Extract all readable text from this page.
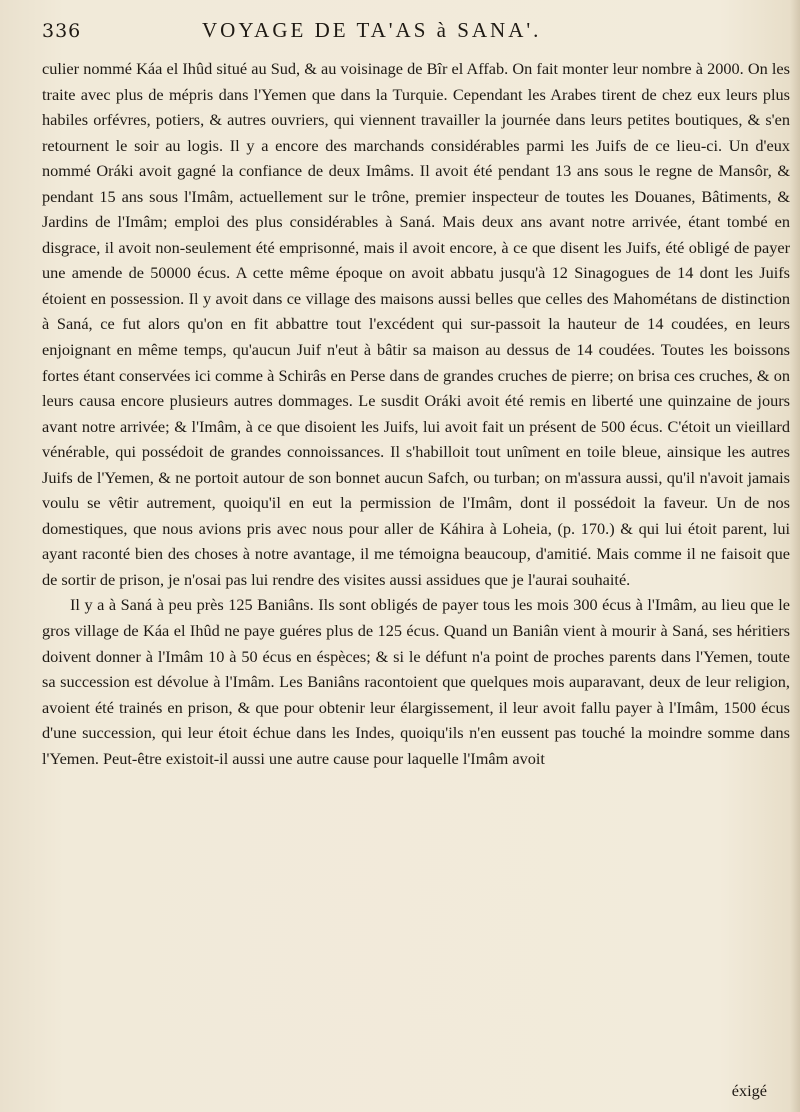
336	VOYAGE DE TA'AS à SANA'.

culier nommé Káa el Ihûd situé au Sud, & au voisinage de Bîr el Affab. On fait monter leur nombre à 2000. On les traite avec plus de mépris dans l'Yemen que dans la Turquie. Cependant les Arabes tirent de chez eux leurs plus habiles orfévres, potiers, & autres ouvriers, qui viennent travailler la journée dans leurs petites boutiques, & s'en retournent le soir au logis. Il y a encore des marchands considérables parmi les Juifs de ce lieu-ci. Un d'eux nommé Oráki avoit gagné la confiance de deux Imâms. Il avoit été pendant 13 ans sous le regne de Mansôr, & pendant 15 ans sous l'Imâm, actuellement sur le trône, premier inspecteur de toutes les Douanes, Bâtiments, & Jardins de l'Imâm; emploi des plus considérables à Saná. Mais deux ans avant notre arrivée, étant tombé en disgrace, il avoit non-seulement été emprisonné, mais il avoit encore, à ce que disent les Juifs, été obligé de payer une amende de 50000 écus. A cette même époque on avoit abbatu jusqu'à 12 Sinagogues de 14 dont les Juifs étoient en possession. Il y avoit dans ce village des maisons aussi belles que celles des Mahométans de distinction à Saná, ce fut alors qu'on en fit abbattre tout l'excédent qui sur-passoit la hauteur de 14 coudées, en leurs enjoignant en même temps, qu'aucun Juif n'eut à bâtir sa maison au dessus de 14 coudées. Toutes les boissons fortes étant conservées ici comme à Schirâs en Perse dans de grandes cruches de pierre; on brisa ces cruches, & on leurs causa encore plusieurs autres dommages. Le susdit Oráki avoit été remis en liberté une quinzaine de jours avant notre arrivée; & l'Imâm, à ce que disoient les Juifs, lui avoit fait un présent de 500 écus. C'étoit un vieillard vénérable, qui possédoit de grandes connoissances. Il s'habilloit tout unîment en toile bleue, ainsique les autres Juifs de l'Yemen, & ne portoit autour de son bonnet aucun Safch, ou turban; on m'assura aussi, qu'il n'avoit jamais voulu se vêtir autrement, quoiqu'il en eut la permission de l'Imâm, dont il possédoit la faveur. Un de nos domestiques, que nous avions pris avec nous pour aller de Káhira à Loheia, (p. 170.) & qui lui étoit parent, lui ayant raconté bien des choses à notre avantage, il me témoigna beaucoup, d'amitié. Mais comme il ne faisoit que de sortir de prison, je n'osai pas lui rendre des visites aussi assidues que je l'aurai souhaité.

Il y a à Saná à peu près 125 Baniâns. Ils sont obligés de payer tous les mois 300 écus à l'Imâm, au lieu que le gros village de Káa el Ihûd ne paye guéres plus de 125 écus. Quand un Baniân vient à mourir à Saná, ses héritiers doivent donner à l'Imâm 10 à 50 écus en éspèces; & si le défunt n'a point de proches parents dans l'Yemen, toute sa succession est dévolue à l'Imâm. Les Baniâns racontoient que quelques mois auparavant, deux de leur religion, avoient été trainés en prison, & que pour obtenir leur élargissement, il leur avoit fallu payer à l'Imâm, 1500 écus d'une succession, qui leur étoit échue dans les Indes, quoiqu'ils n'en eussent pas touché la moindre somme dans l'Yemen. Peut-être existoit-il aussi une autre cause pour laquelle l'Imâm avoit

éxigé
